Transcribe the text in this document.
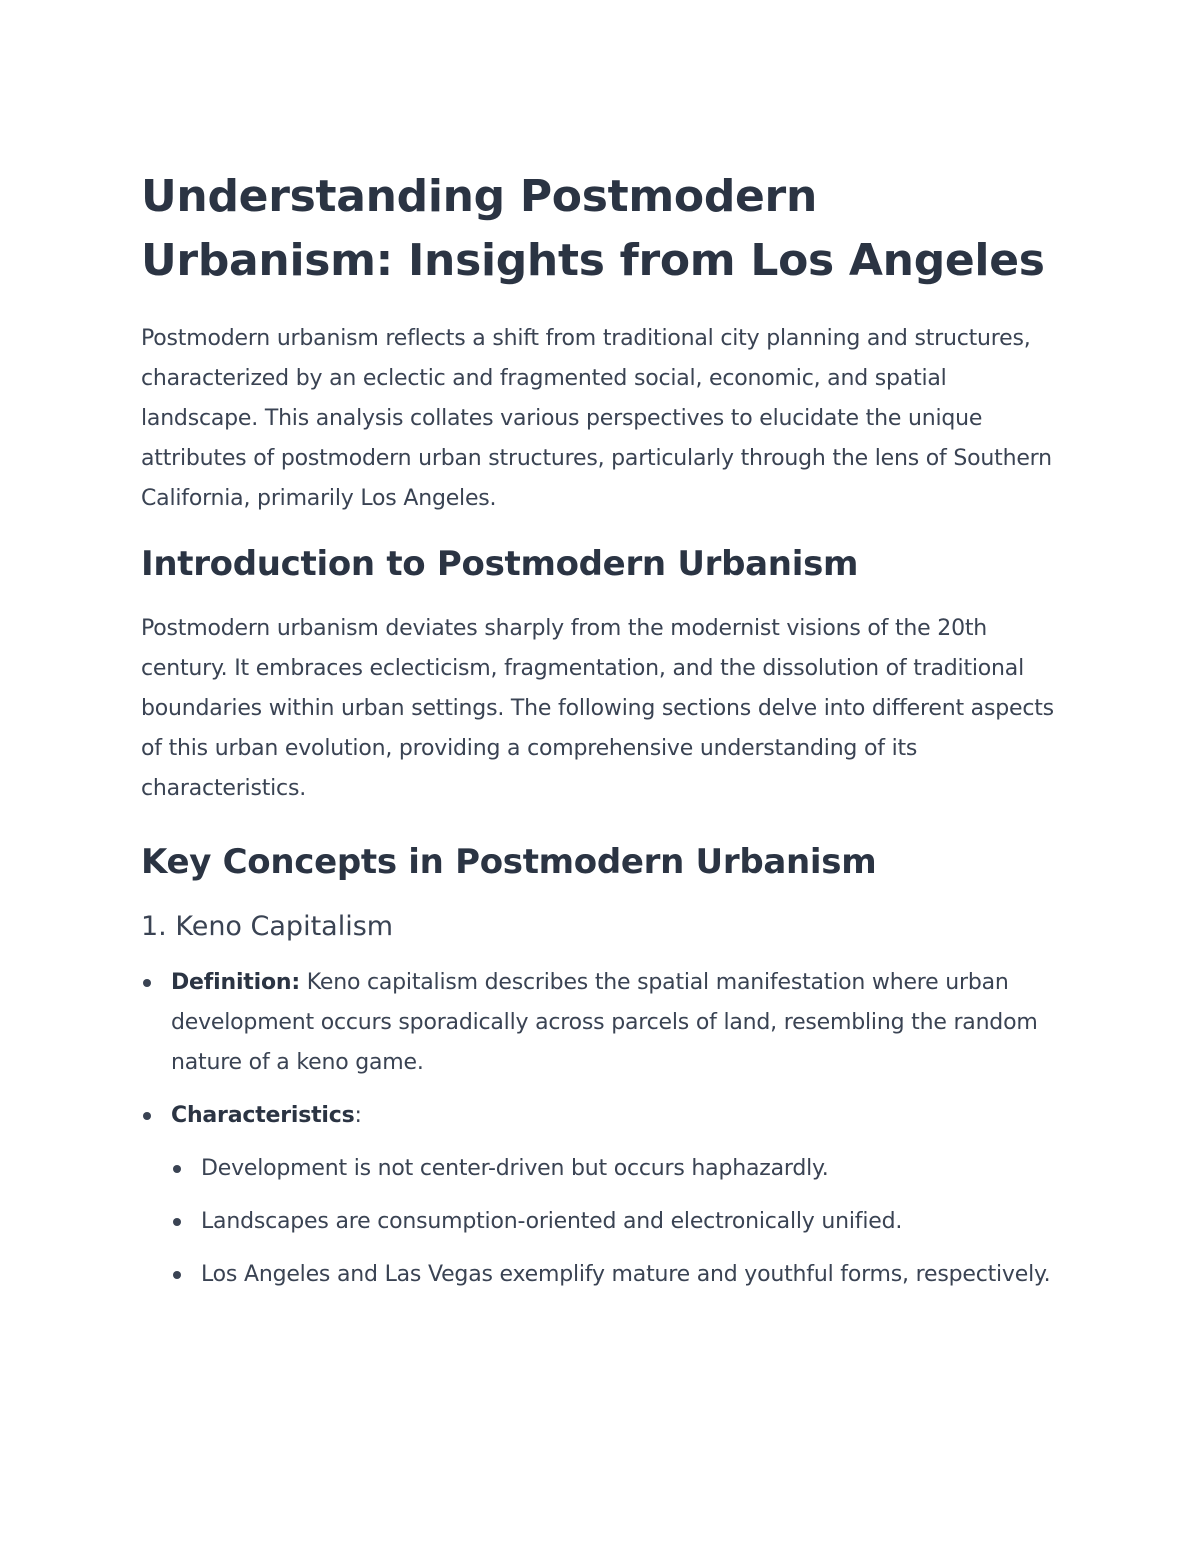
Understanding Postmodern Urbanism: Insights from Los Angeles

Postmodern urbanism reflects a shift from traditional city planning and structures, characterized by an eclectic and fragmented social, economic, and spatial landscape. This analysis collates various perspectives to elucidate the unique attributes of postmodern urban structures, particularly through the lens of Southern California, primarily Los Angeles.

Introduction to Postmodern Urbanism

Postmodern urbanism deviates sharply from the modernist visions of the 20th century. It embraces eclecticism, fragmentation, and the dissolution of traditional boundaries within urban settings. The following sections delve into different aspects of this urban evolution, providing a comprehensive understanding of its characteristics.

Key Concepts in Postmodern Urbanism
1. Keno Capitalism
Definition: Keno capitalism describes the spatial manifestation where urban development occurs sporadically across parcels of land, resembling the random nature of a keno game.
Characteristics:
Development is not center-driven but occurs haphazardly.
Landscapes are consumption-oriented and electronically unified.
Los Angeles and Las Vegas exemplify mature and youthful forms, respectively.
